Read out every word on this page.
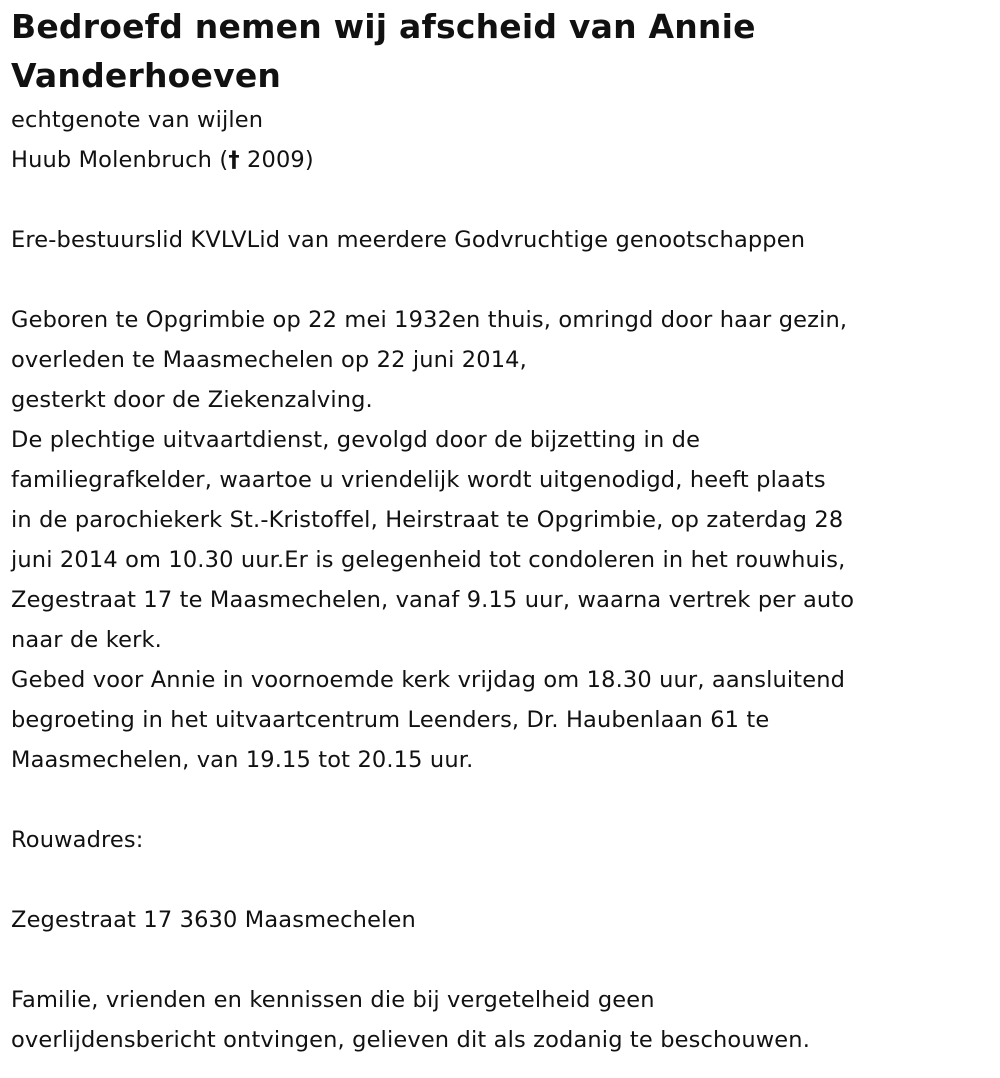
Bedroefd nemen wij afscheid van Annie Vanderhoeven
echtgenote van wijlen
Huub Molenbruch († 2009)
Ere-bestuurslid KVLVLid van meerdere Godvruchtige genootschappen
Geboren te Opgrimbie op 22 mei 1932en thuis, omringd door haar gezin,
overleden te Maasmechelen op 22 juni 2014,
gesterkt door de Ziekenzalving.
De plechtige uitvaartdienst, gevolgd door de bijzetting in de
familiegrafkelder, waartoe u vriendelijk wordt uitgenodigd, heeft plaats
in de parochiekerk St.-Kristoffel, Heirstraat te Opgrimbie, op zaterdag 28
juni 2014 om 10.30 uur.Er is gelegenheid tot condoleren in het rouwhuis,
Zegestraat 17 te Maasmechelen, vanaf 9.15 uur, waarna vertrek per auto
naar de kerk.
Gebed voor Annie in voornoemde kerk vrijdag om 18.30 uur, aansluitend
begroeting in het uitvaartcentrum Leenders, Dr. Haubenlaan 61 te
Maasmechelen, van 19.15 tot 20.15 uur.
Rouwadres:
Zegestraat 17 3630 Maasmechelen
Familie, vrienden en kennissen die bij vergetelheid geen
overlijdensbericht ontvingen, gelieven dit als zodanig te beschouwen.
